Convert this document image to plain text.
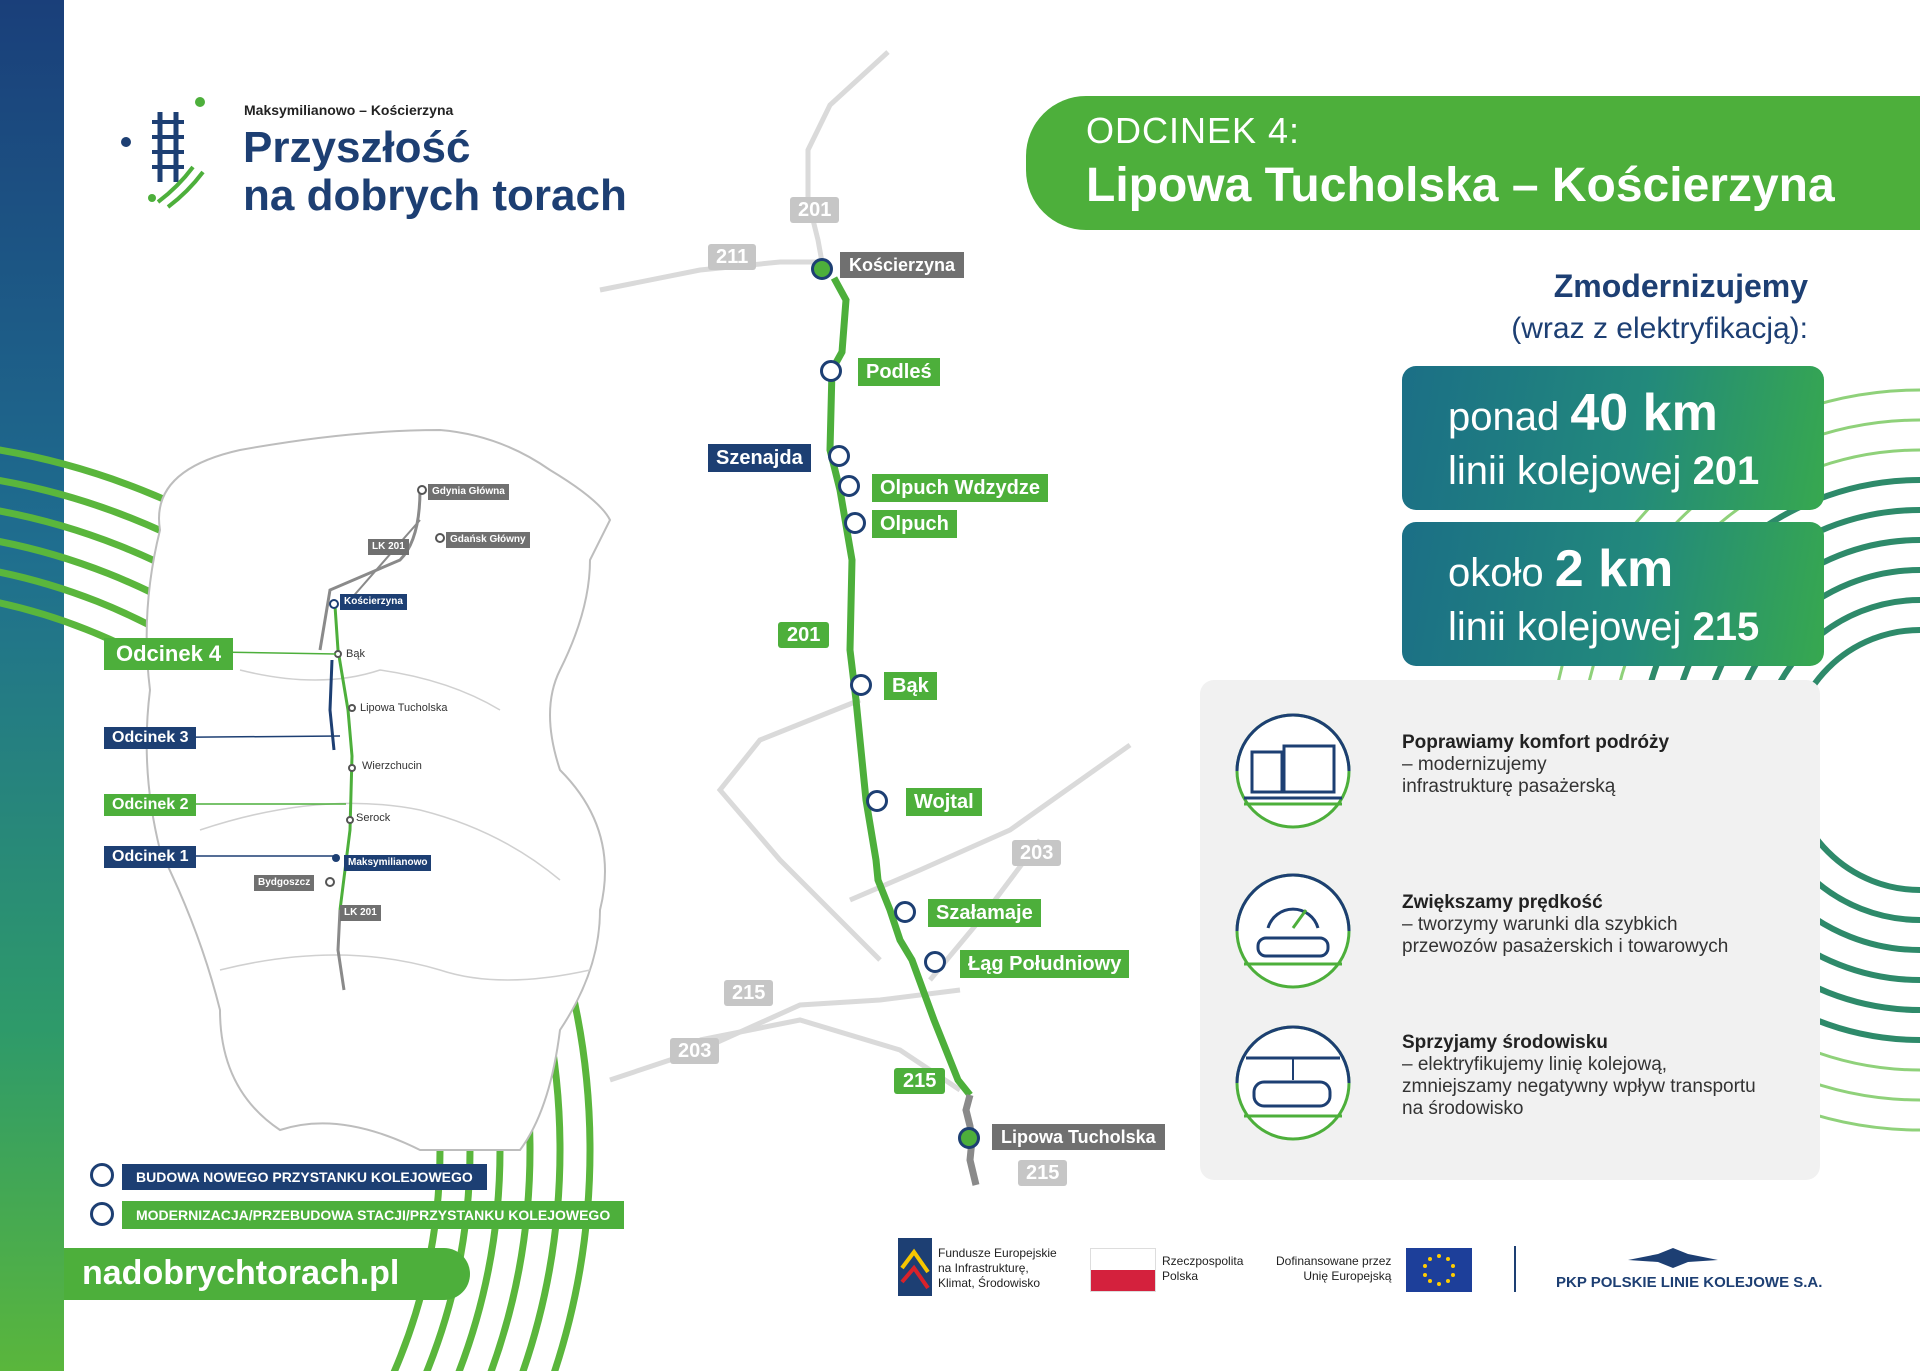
Maksymilianowo – Kościerzyna
Przyszłość
na dobrych torach
ODCINEK 4:
Lipowa Tucholska – Kościerzyna
Zmodernizujemy
(wraz z elektryfikacją):
ponad 40 km
linii kolejowej 201
około 2 km
linii kolejowej 215
Poprawiamy komfort podróży
– modernizujemy
infrastrukturę pasażerską
Zwiększamy prędkość
– tworzymy warunki dla szybkich
przewozów pasażerskich i towarowych
Sprzyjamy środowisku
– elektryfikujemy linię kolejową,
zmniejszamy negatywny wpływ transportu
na środowisko
Kościerzyna
Podleś
Szenajda
Olpuch Wdzydze
Olpuch
Bąk
Wojtal
Szałamaje
Łąg Południowy
Lipowa Tucholska
201
215
201
211
203
215
203
215
Gdynia Główna
Gdańsk Główny
LK 201
Kościerzyna
Bąk
Lipowa Tucholska
Wierzchucin
Serock
Maksymilianowo
Bydgoszcz
LK 201
Odcinek 4
Odcinek 3
Odcinek 2
Odcinek 1
BUDOWA NOWEGO PRZYSTANKU KOLEJOWEGO
MODERNIZACJA/PRZEBUDOWA STACJI/PRZYSTANKU KOLEJOWEGO
nadobrychtorach.pl
Fundusze Europejskie
na Infrastrukturę,
Klimat, Środowisko
Rzeczpospolita
Polska
Dofinansowane przez
Unię Europejską	PKP POLSKIE LINIE KOLEJOWE S.A.
